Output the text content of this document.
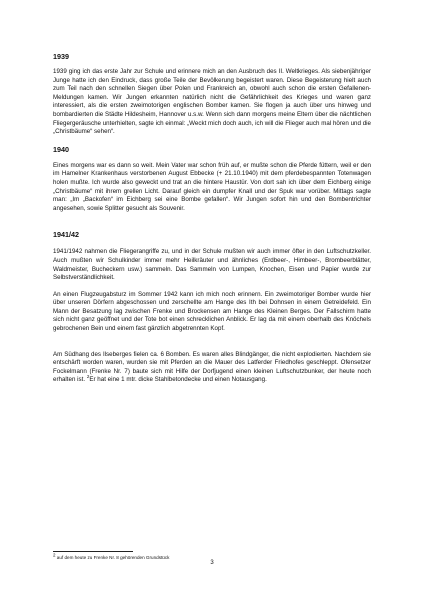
1939

1939 ging ich das erste Jahr zur Schule und erinnere mich an den Ausbruch des II. Weltkrieges. Als siebenjähriger Junge hatte ich den Eindruck, dass große Teile der Bevölkerung begeistert waren. Diese Begeisterung hielt auch zum Teil nach den schnellen Siegen über Polen und Frankreich an, obwohl auch schon die ersten Gefallenen-Meldungen kamen. Wir Jungen erkannten natürlich nicht die Gefährlichkeit des Krieges und waren ganz interessiert, als die ersten zweimotorigen englischen Bomber kamen. Sie flogen ja auch über uns hinweg und bombardierten die Städte Hildesheim, Hannover u.s.w. Wenn sich dann morgens meine Eltern über die nächtlichen Fliegergeräusche unterhielten, sagte ich einmal: „Weckt mich doch auch, ich will die Flieger auch mal hören und die „Christbäume“ sehen“.

1940

Eines morgens war es dann so weit. Mein Vater war schon früh auf, er mußte schon die Pferde füttern, weil er den im Hamelner Krankenhaus verstorbenen August Ebbecke (+ 21.10.1940) mit dem pferdebespannten Totenwagen holen mußte. Ich wurde also geweckt und trat an die hintere Haustür. Von dort sah ich über dem Eichberg einige „Christbäume“ mit ihrem grellen Licht. Darauf gleich ein dumpfer Knall und der Spuk war vorüber. Mittags sagte man: „Im „Backofen“ im Eichberg sei eine Bombe gefallen“. Wir Jungen sofort hin und den Bombentrichter angesehen, sowie Splitter gesucht als Souvenir.

1941/42

1941/1942 nahmen die Fliegerangriffe zu, und in der Schule mußten wir auch immer öfter in den Luftschutzkeller. Auch mußten wir Schulkinder immer mehr Heilkräuter und ähnliches (Erdbeer-, Himbeer-, Brombeerblätter, Waldmeister, Bucheckern usw.) sammeln. Das Sammeln von Lumpen, Knochen, Eisen und Papier wurde zur Selbstverständlichkeit.

An einen Flugzeugabsturz im Sommer 1942 kann ich mich noch erinnern. Ein zweimotoriger Bomber wurde hier über unseren Dörfern abgeschossen und zerschellte am Hange des Ith bei Dohnsen in einem Getreidefeld. Ein Mann der Besatzung lag zwischen Frenke und Brockensen am Hange des Kleinen Berges. Der Fallschirm hatte sich nicht ganz geöffnet und der Tote bot einen schrecklichen Anblick. Er lag da mit einem oberhalb des Knöchels gebrochenen Bein und einem fast gänzlich abgetrennten Kopf.

Am Südhang des Ilseberges fielen ca. 6 Bomben. Es waren alles Blindgänger, die nicht explodierten. Nachdem sie entschärft worden waren, wurden sie mit Pferden an die Mauer des Latferder Friedhofes geschleppt. Ofensetzer Fockelmann (Frenke Nr. 7) baute sich mit Hilfe der Dorfjugend einen kleinen Luftschutzbunker, der heute noch erhalten ist. $^2$Er hat eine 1 mtr. dicke Stahlbetondecke und einen Notausgang.

$^2$ auf dem heute zu Frenke Nr. 8 gehörenden Grundstück
3
